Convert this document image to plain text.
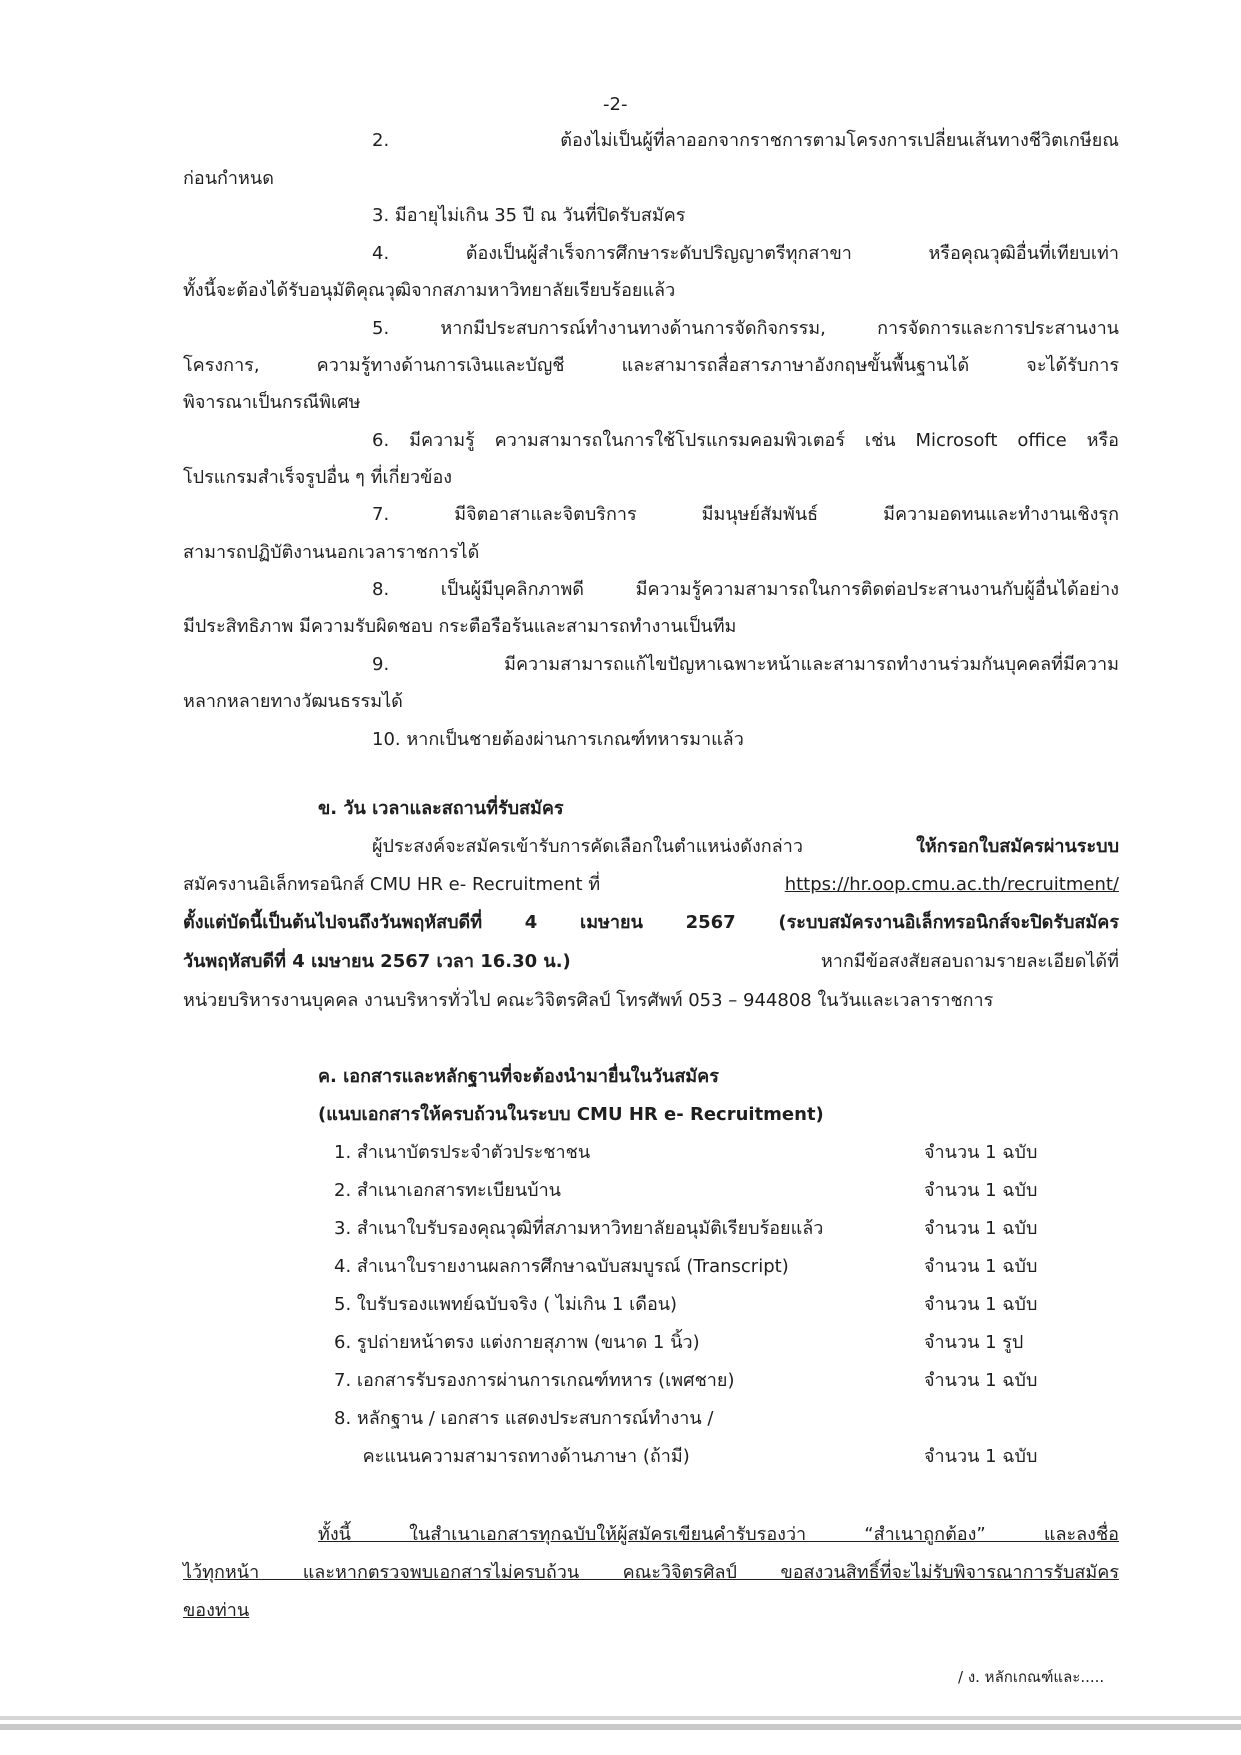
-2-
2. ต้องไม่เป็นผู้ที่ลาออกจากราชการตามโครงการเปลี่ยนเส้นทางชีวิตเกษียณ
ก่อนกำหนด
3. มีอายุไม่เกิน 35 ปี ณ วันที่ปิดรับสมัคร
4. ต้องเป็นผู้สำเร็จการศึกษาระดับปริญญาตรีทุกสาขา หรือคุณวุฒิอื่นที่เทียบเท่า
ทั้งนี้จะต้องได้รับอนุมัติคุณวุฒิจากสภามหาวิทยาลัยเรียบร้อยแล้ว
5. หากมีประสบการณ์ทำงานทางด้านการจัดกิจกรรม, การจัดการและการประสานงาน
โครงการ, ความรู้ทางด้านการเงินและบัญชี และสามารถสื่อสารภาษาอังกฤษขั้นพื้นฐานได้ จะได้รับการ
พิจารณาเป็นกรณีพิเศษ
6. มีความรู้ ความสามารถในการใช้โปรแกรมคอมพิวเตอร์ เช่น Microsoft office หรือ
โปรแกรมสำเร็จรูปอื่น ๆ ที่เกี่ยวข้อง
7. มีจิตอาสาและจิตบริการ มีมนุษย์สัมพันธ์ มีความอดทนและทำงานเชิงรุก
สามารถปฏิบัติงานนอกเวลาราชการได้
8. เป็นผู้มีบุคลิกภาพดี มีความรู้ความสามารถในการติดต่อประสานงานกับผู้อื่นได้อย่าง
มีประสิทธิภาพ มีความรับผิดชอบ กระตือรือร้นและสามารถทำงานเป็นทีม
9. มีความสามารถแก้ไขปัญหาเฉพาะหน้าและสามารถทำงานร่วมกันบุคคลที่มีความ
หลากหลายทางวัฒนธรรมได้
10. หากเป็นชายต้องผ่านการเกณฑ์ทหารมาแล้ว
ข. วัน เวลาและสถานที่รับสมัคร
ผู้ประสงค์จะสมัครเข้ารับการคัดเลือกในตำแหน่งดังกล่าว	ให้กรอกใบสมัครผ่านระบบ
สมัครงานอิเล็กทรอนิกส์ CMU HR e- Recruitment ที่	https://hr.oop.cmu.ac.th/recruitment/
ตั้งแต่บัดนี้เป็นต้นไปจนถึงวันพฤหัสบดีที่ 4 เมษายน 2567 (ระบบสมัครงานอิเล็กทรอนิกส์จะปิดรับสมัคร
วันพฤหัสบดีที่ 4 เมษายน 2567 เวลา 16.30 น.)	หากมีข้อสงสัยสอบถามรายละเอียดได้ที่
หน่วยบริหารงานบุคคล งานบริหารทั่วไป คณะวิจิตรศิลป์ โทรศัพท์ 053 – 944808 ในวันและเวลาราชการ
ค. เอกสารและหลักฐานที่จะต้องนำมายื่นในวันสมัคร
(แนบเอกสารให้ครบถ้วนในระบบ CMU HR e- Recruitment)
1. สำเนาบัตรประจำตัวประชาชน	จำนวน 1 ฉบับ
2. สำเนาเอกสารทะเบียนบ้าน	จำนวน 1 ฉบับ
3. สำเนาใบรับรองคุณวุฒิที่สภามหาวิทยาลัยอนุมัติเรียบร้อยแล้ว	จำนวน 1 ฉบับ
4. สำเนาใบรายงานผลการศึกษาฉบับสมบูรณ์ (Transcript)	จำนวน 1 ฉบับ
5. ใบรับรองแพทย์ฉบับจริง ( ไม่เกิน 1 เดือน)	จำนวน 1 ฉบับ
6. รูปถ่ายหน้าตรง แต่งกายสุภาพ (ขนาด 1 นิ้ว)	จำนวน 1 รูป
7. เอกสารรับรองการผ่านการเกณฑ์ทหาร (เพศชาย)	จำนวน 1 ฉบับ
8. หลักฐาน / เอกสาร แสดงประสบการณ์ทำงาน /
คะแนนความสามารถทางด้านภาษา (ถ้ามี)	จำนวน 1 ฉบับ
ทั้งนี้ ในสำเนาเอกสารทุกฉบับให้ผู้สมัครเขียนคำรับรองว่า “สำเนาถูกต้อง” และลงชื่อ
ไว้ทุกหน้า และหากตรวจพบเอกสารไม่ครบถ้วน คณะวิจิตรศิลป์ ขอสงวนสิทธิ์ที่จะไม่รับพิจารณาการรับสมัคร
ของท่าน
/ ง. หลักเกณฑ์และ.....
